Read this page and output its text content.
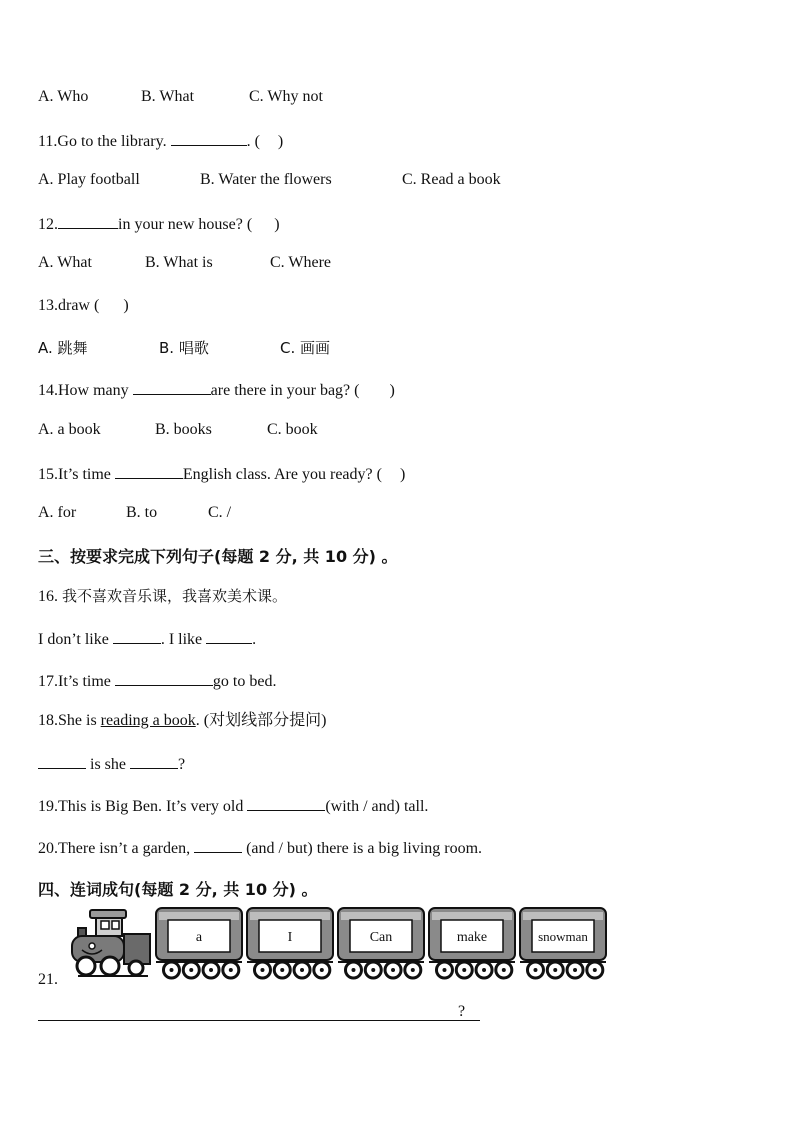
A. Who	B. What	C. Why not
11.Go to the library.	. ( )
A. Play football	B. Water the flowers	C. Read a book
12.	in your new house? ( )
A. What	B. What is	C. Where
13.draw ( )
A. 跳舞	B. 唱歌	C. 画画
14.How many	are there in your bag? ( )
A. a book	B. books	C. book
15.It’s time	English class. Are you ready? ( )
A. for	B. to	C. /
三、按要求完成下列句子(每题 2 分, 共 10 分) 。
16. 我不喜欢音乐课，我喜欢美术课。
I don’t like	. I like	.
17.It’s time	go to bed.
18.She is reading a book. (对划线部分提问)
is she	?
19.This is Big Ben. It’s very old	(with / and) tall.
20.There isn’t a garden,	(and / but) there is a big living room.
四、连词成句(每题 2 分, 共 10 分) 。
21.
a	I	Can	make	snowman
?
